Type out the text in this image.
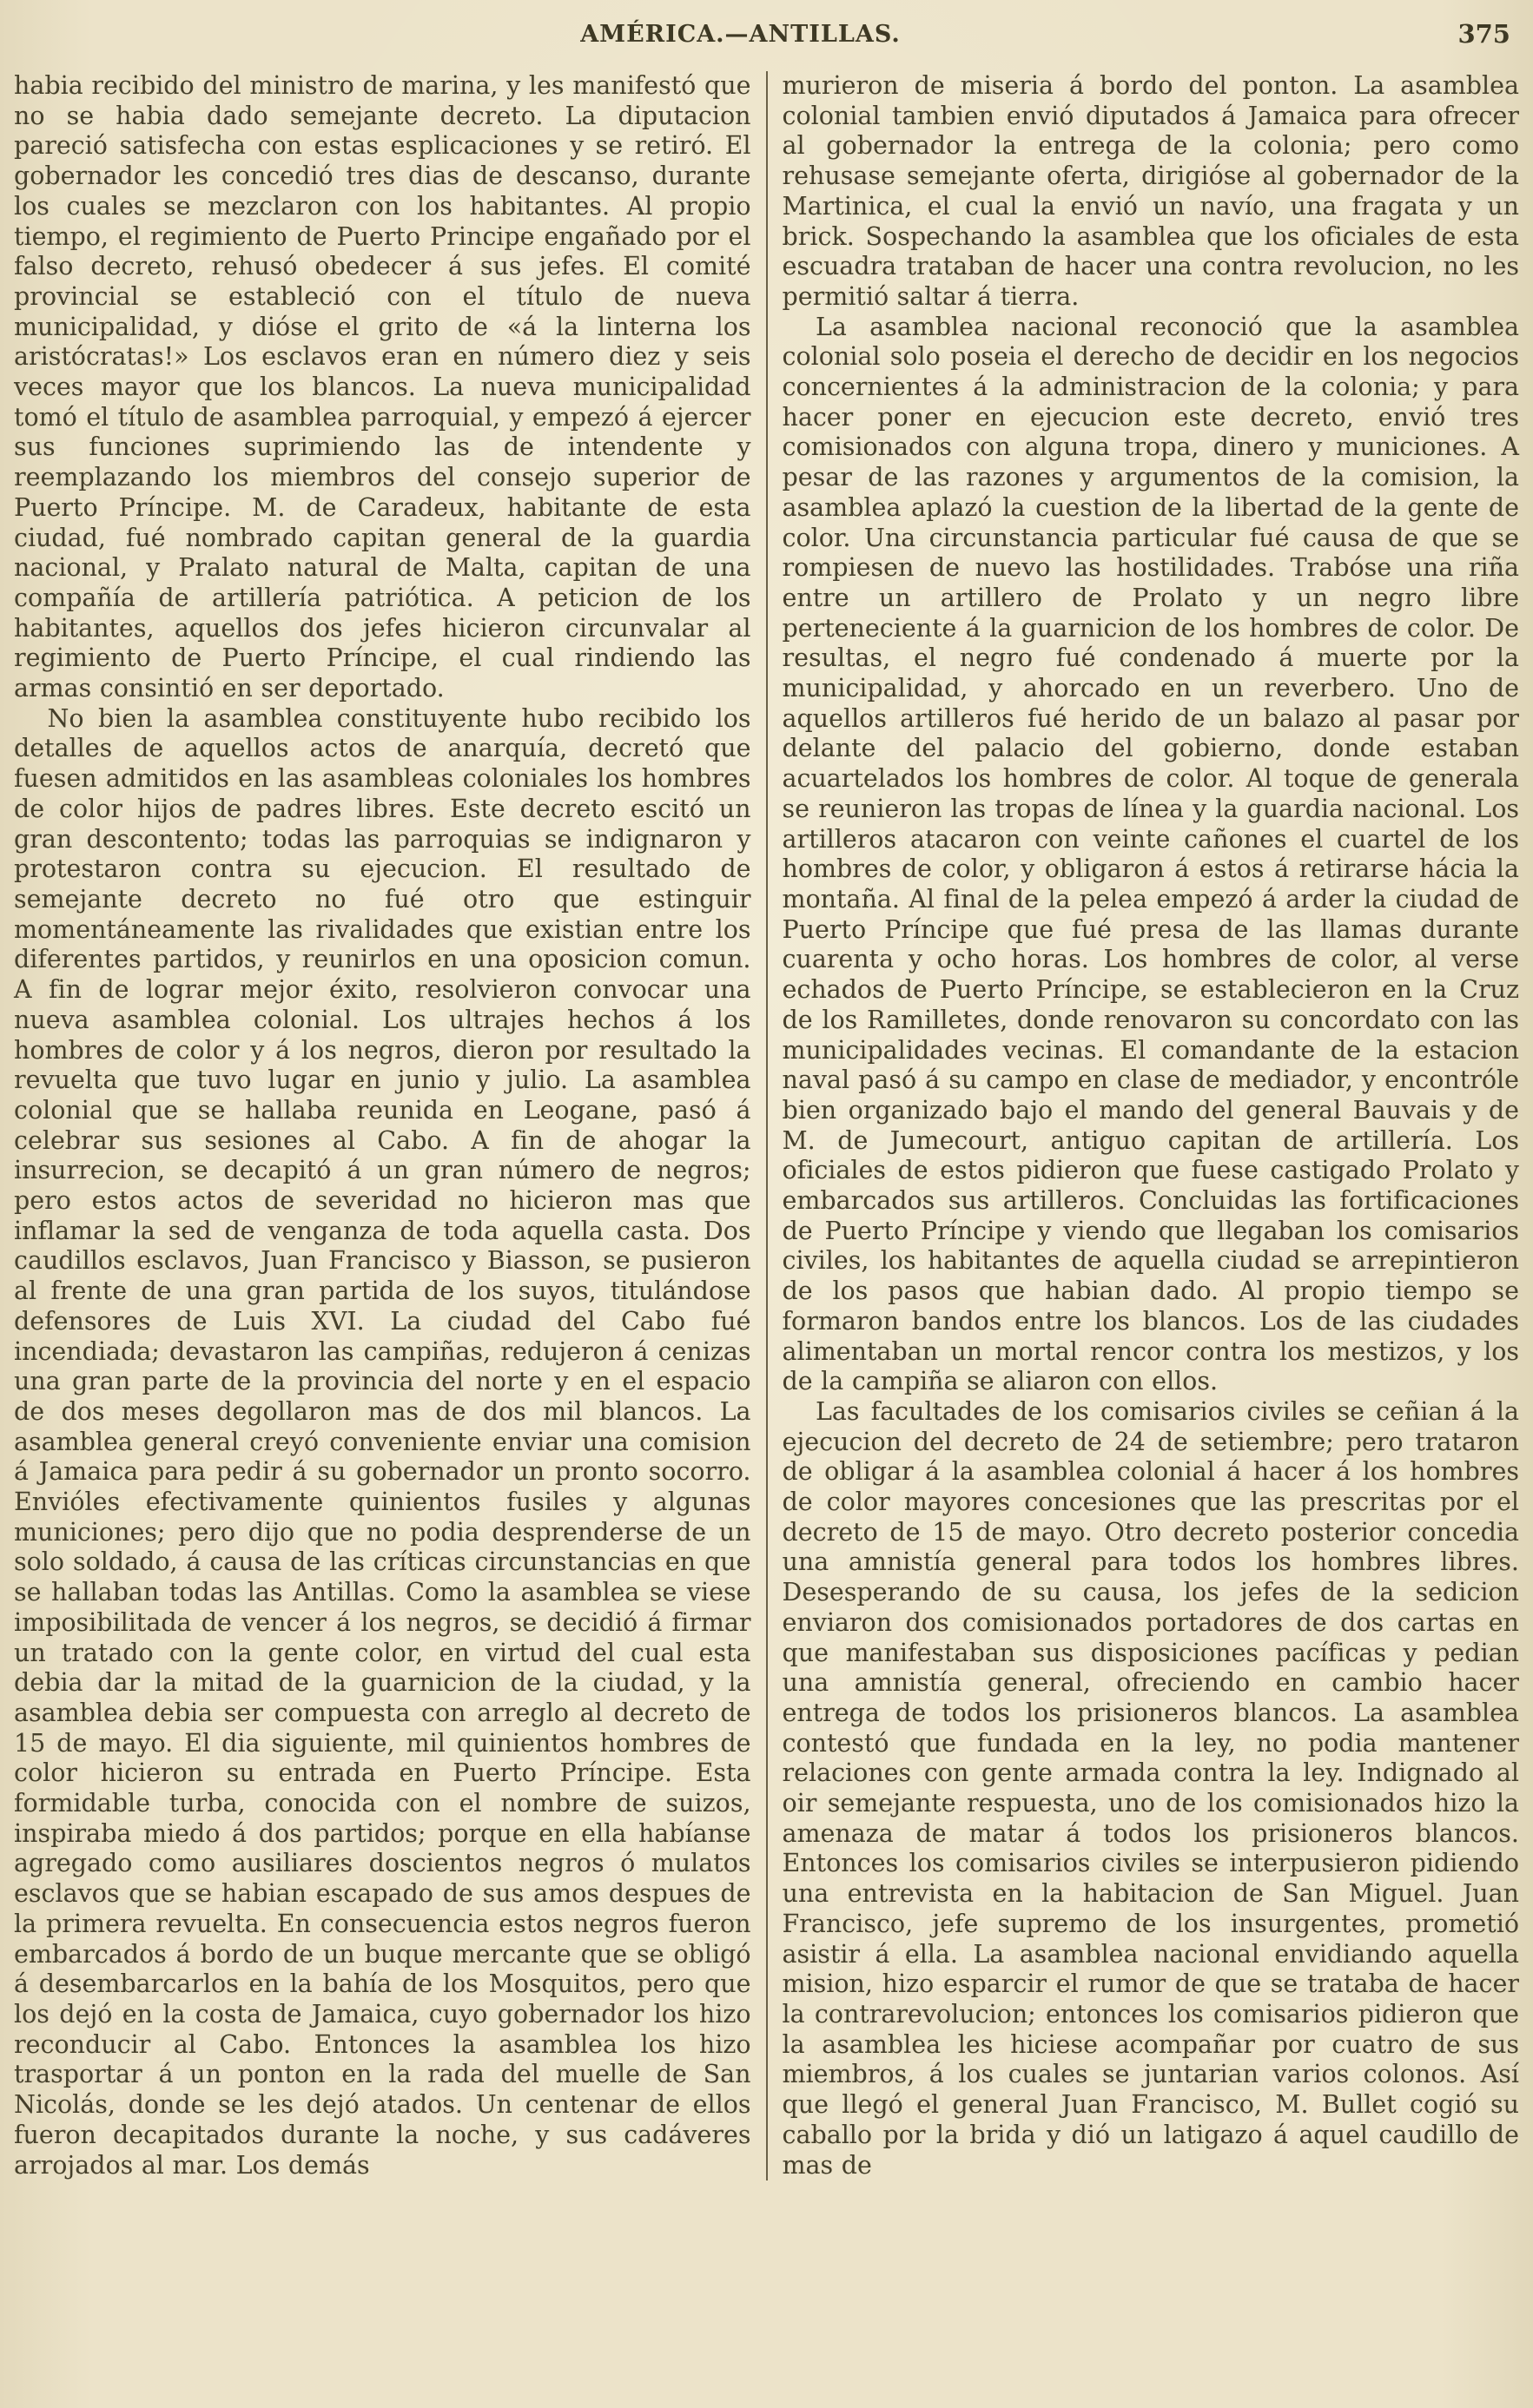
AMÉRICA.—ANTILLAS.	375

habia recibido del ministro de marina, y les manifestó que no se habia dado semejante decreto. La diputacion pareció satisfecha con estas esplicaciones y se retiró. El gobernador les concedió tres dias de descanso, durante los cuales se mezclaron con los habitantes. Al propio tiempo, el regimiento de Puerto Principe engañado por el falso decreto, rehusó obedecer á sus jefes. El comité provincial se estableció con el título de nueva municipalidad, y dióse el grito de «á la linterna los aristócratas!» Los esclavos eran en número diez y seis veces mayor que los blancos. La nueva municipalidad tomó el título de asamblea parroquial, y empezó á ejercer sus funciones suprimiendo las de intendente y reemplazando los miembros del consejo superior de Puerto Príncipe. M. de Caradeux, habitante de esta ciudad, fué nombrado capitan general de la guardia nacional, y Pralato natural de Malta, capitan de una compañía de artillería patriótica. A peticion de los habitantes, aquellos dos jefes hicieron circunvalar al regimiento de Puerto Príncipe, el cual rindiendo las armas consintió en ser deportado.

No bien la asamblea constituyente hubo recibido los detalles de aquellos actos de anarquía, decretó que fuesen admitidos en las asambleas coloniales los hombres de color hijos de padres libres. Este decreto escitó un gran descontento; todas las parroquias se indignaron y protestaron contra su ejecucion. El resultado de semejante decreto no fué otro que estinguir momentáneamente las rivalidades que existian entre los diferentes partidos, y reunirlos en una oposicion comun. A fin de lograr mejor éxito, resolvieron convocar una nueva asamblea colonial. Los ultrajes hechos á los hombres de color y á los negros, dieron por resultado la revuelta que tuvo lugar en junio y julio. La asamblea colonial que se hallaba reunida en Leogane, pasó á celebrar sus sesiones al Cabo. A fin de ahogar la insurrecion, se decapitó á un gran número de negros; pero estos actos de severidad no hicieron mas que inflamar la sed de venganza de toda aquella casta. Dos caudillos esclavos, Juan Francisco y Biasson, se pusieron al frente de una gran partida de los suyos, titulándose defensores de Luis XVI. La ciudad del Cabo fué incendiada; devastaron las campiñas, redujeron á cenizas una gran parte de la provincia del norte y en el espacio de dos meses degollaron mas de dos mil blancos. La asamblea general creyó conveniente enviar una comision á Jamaica para pedir á su gobernador un pronto socorro. Envióles efectivamente quinientos fusiles y algunas municiones; pero dijo que no podia desprenderse de un solo soldado, á causa de las críticas circunstancias en que se hallaban todas las Antillas. Como la asamblea se viese imposibilitada de vencer á los negros, se decidió á firmar un tratado con la gente color, en virtud del cual esta debia dar la mitad de la guarnicion de la ciudad, y la asamblea debia ser compuesta con arreglo al decreto de 15 de mayo. El dia siguiente, mil quinientos hombres de color hicieron su entrada en Puerto Príncipe. Esta formidable turba, conocida con el nombre de suizos, inspiraba miedo á dos partidos; porque en ella habíanse agregado como ausiliares doscientos negros ó mulatos esclavos que se habian escapado de sus amos despues de la primera revuelta. En consecuencia estos negros fueron embarcados á bordo de un buque mercante que se obligó á desembarcarlos en la bahía de los Mosquitos, pero que los dejó en la costa de Jamaica, cuyo gobernador los hizo reconducir al Cabo. Entonces la asamblea los hizo trasportar á un ponton en la rada del muelle de San Nicolás, donde se les dejó atados. Un centenar de ellos fueron decapitados durante la noche, y sus cadáveres arrojados al mar. Los demás

murieron de miseria á bordo del ponton. La asamblea colonial tambien envió diputados á Jamaica para ofrecer al gobernador la entrega de la colonia; pero como rehusase semejante oferta, dirigióse al gobernador de la Martinica, el cual la envió un navío, una fragata y un brick. Sospechando la asamblea que los oficiales de esta escuadra trataban de hacer una contra revolucion, no les permitió saltar á tierra.

La asamblea nacional reconoció que la asamblea colonial solo poseia el derecho de decidir en los negocios concernientes á la administracion de la colonia; y para hacer poner en ejecucion este decreto, envió tres comisionados con alguna tropa, dinero y municiones. A pesar de las razones y argumentos de la comision, la asamblea aplazó la cuestion de la libertad de la gente de color. Una circunstancia particular fué causa de que se rompiesen de nuevo las hostilidades. Trabóse una riña entre un artillero de Prolato y un negro libre perteneciente á la guarnicion de los hombres de color. De resultas, el negro fué condenado á muerte por la municipalidad, y ahorcado en un reverbero. Uno de aquellos artilleros fué herido de un balazo al pasar por delante del palacio del gobierno, donde estaban acuartelados los hombres de color. Al toque de generala se reunieron las tropas de línea y la guardia nacional. Los artilleros atacaron con veinte cañones el cuartel de los hombres de color, y obligaron á estos á retirarse hácia la montaña. Al final de la pelea empezó á arder la ciudad de Puerto Príncipe que fué presa de las llamas durante cuarenta y ocho horas. Los hombres de color, al verse echados de Puerto Príncipe, se establecieron en la Cruz de los Ramilletes, donde renovaron su concordato con las municipalidades vecinas. El comandante de la estacion naval pasó á su campo en clase de mediador, y encontróle bien organizado bajo el mando del general Bauvais y de M. de Jumecourt, antiguo capitan de artillería. Los oficiales de estos pidieron que fuese castigado Prolato y embarcados sus artilleros. Concluidas las fortificaciones de Puerto Príncipe y viendo que llegaban los comisarios civiles, los habitantes de aquella ciudad se arrepintieron de los pasos que habian dado. Al propio tiempo se formaron bandos entre los blancos. Los de las ciudades alimentaban un mortal rencor contra los mestizos, y los de la campiña se aliaron con ellos.

Las facultades de los comisarios civiles se ceñian á la ejecucion del decreto de 24 de setiembre; pero trataron de obligar á la asamblea colonial á hacer á los hombres de color mayores concesiones que las prescritas por el decreto de 15 de mayo. Otro decreto posterior concedia una amnistía general para todos los hombres libres. Desesperando de su causa, los jefes de la sedicion enviaron dos comisionados portadores de dos cartas en que manifestaban sus disposiciones pacíficas y pedian una amnistía general, ofreciendo en cambio hacer entrega de todos los prisioneros blancos. La asamblea contestó que fundada en la ley, no podia mantener relaciones con gente armada contra la ley. Indignado al oir semejante respuesta, uno de los comisionados hizo la amenaza de matar á todos los prisioneros blancos. Entonces los comisarios civiles se interpusieron pidiendo una entrevista en la habitacion de San Miguel. Juan Francisco, jefe supremo de los insurgentes, prometió asistir á ella. La asamblea nacional envidiando aquella mision, hizo esparcir el rumor de que se trataba de hacer la contrarevolucion; entonces los comisarios pidieron que la asamblea les hiciese acompañar por cuatro de sus miembros, á los cuales se juntarian varios colonos. Así que llegó el general Juan Francisco, M. Bullet cogió su caballo por la brida y dió un latigazo á aquel caudillo de mas de
